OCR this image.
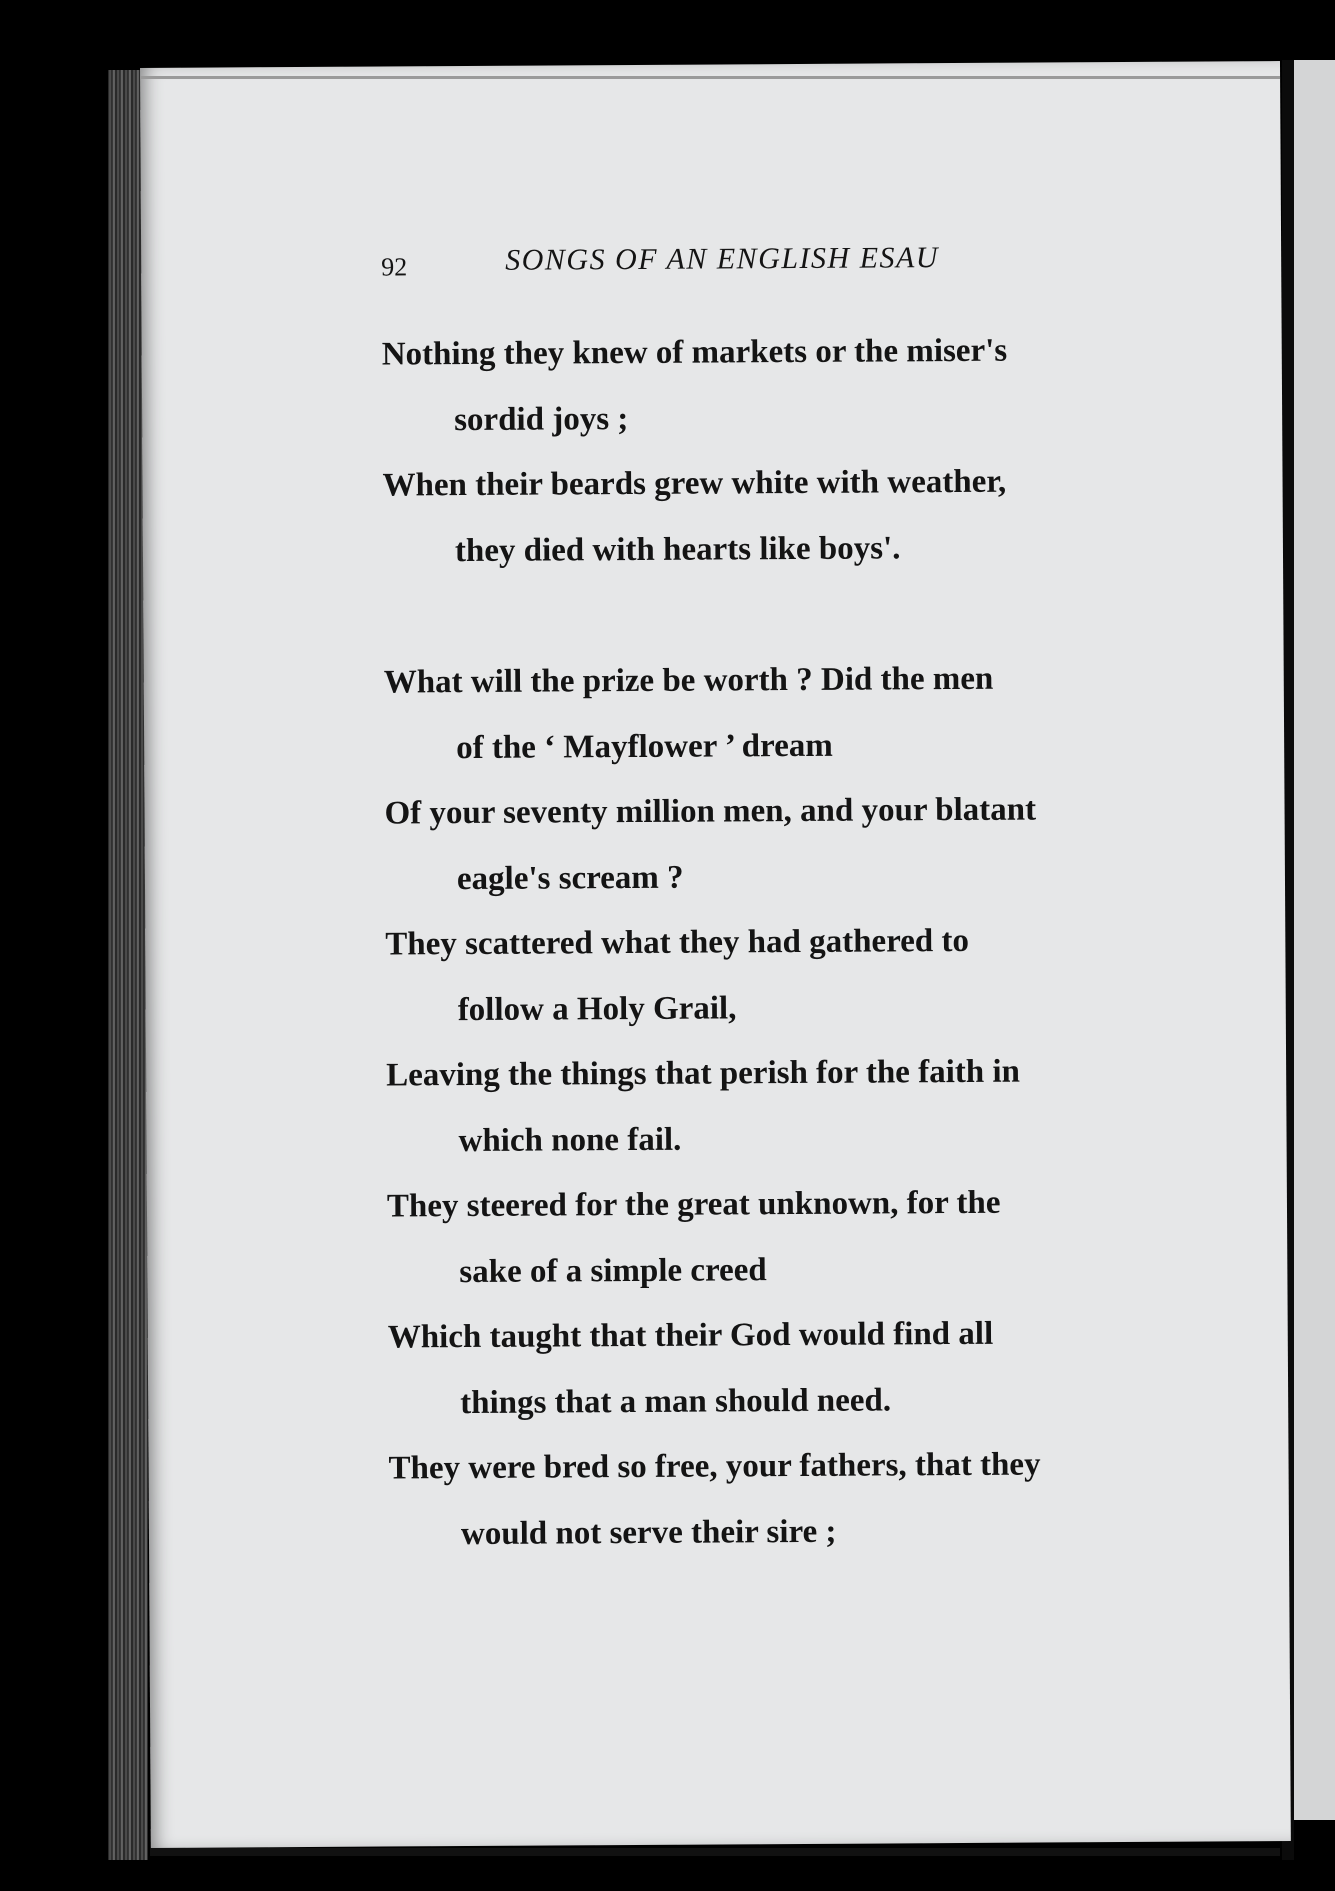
92	SONGS OF AN ENGLISH ESAU
Nothing they knew of markets or the miser's
sordid joys ;
When their beards grew white with weather,
they died with hearts like boys'.
What will the prize be worth ? Did the men
of the ‘ Mayflower ’ dream
Of your seventy million men, and your blatant
eagle's scream ?
They scattered what they had gathered to
follow a Holy Grail,
Leaving the things that perish for the faith in
which none fail.
They steered for the great unknown, for the
sake of a simple creed
Which taught that their God would find all
things that a man should need.
They were bred so free, your fathers, that they
would not serve their sire ;
